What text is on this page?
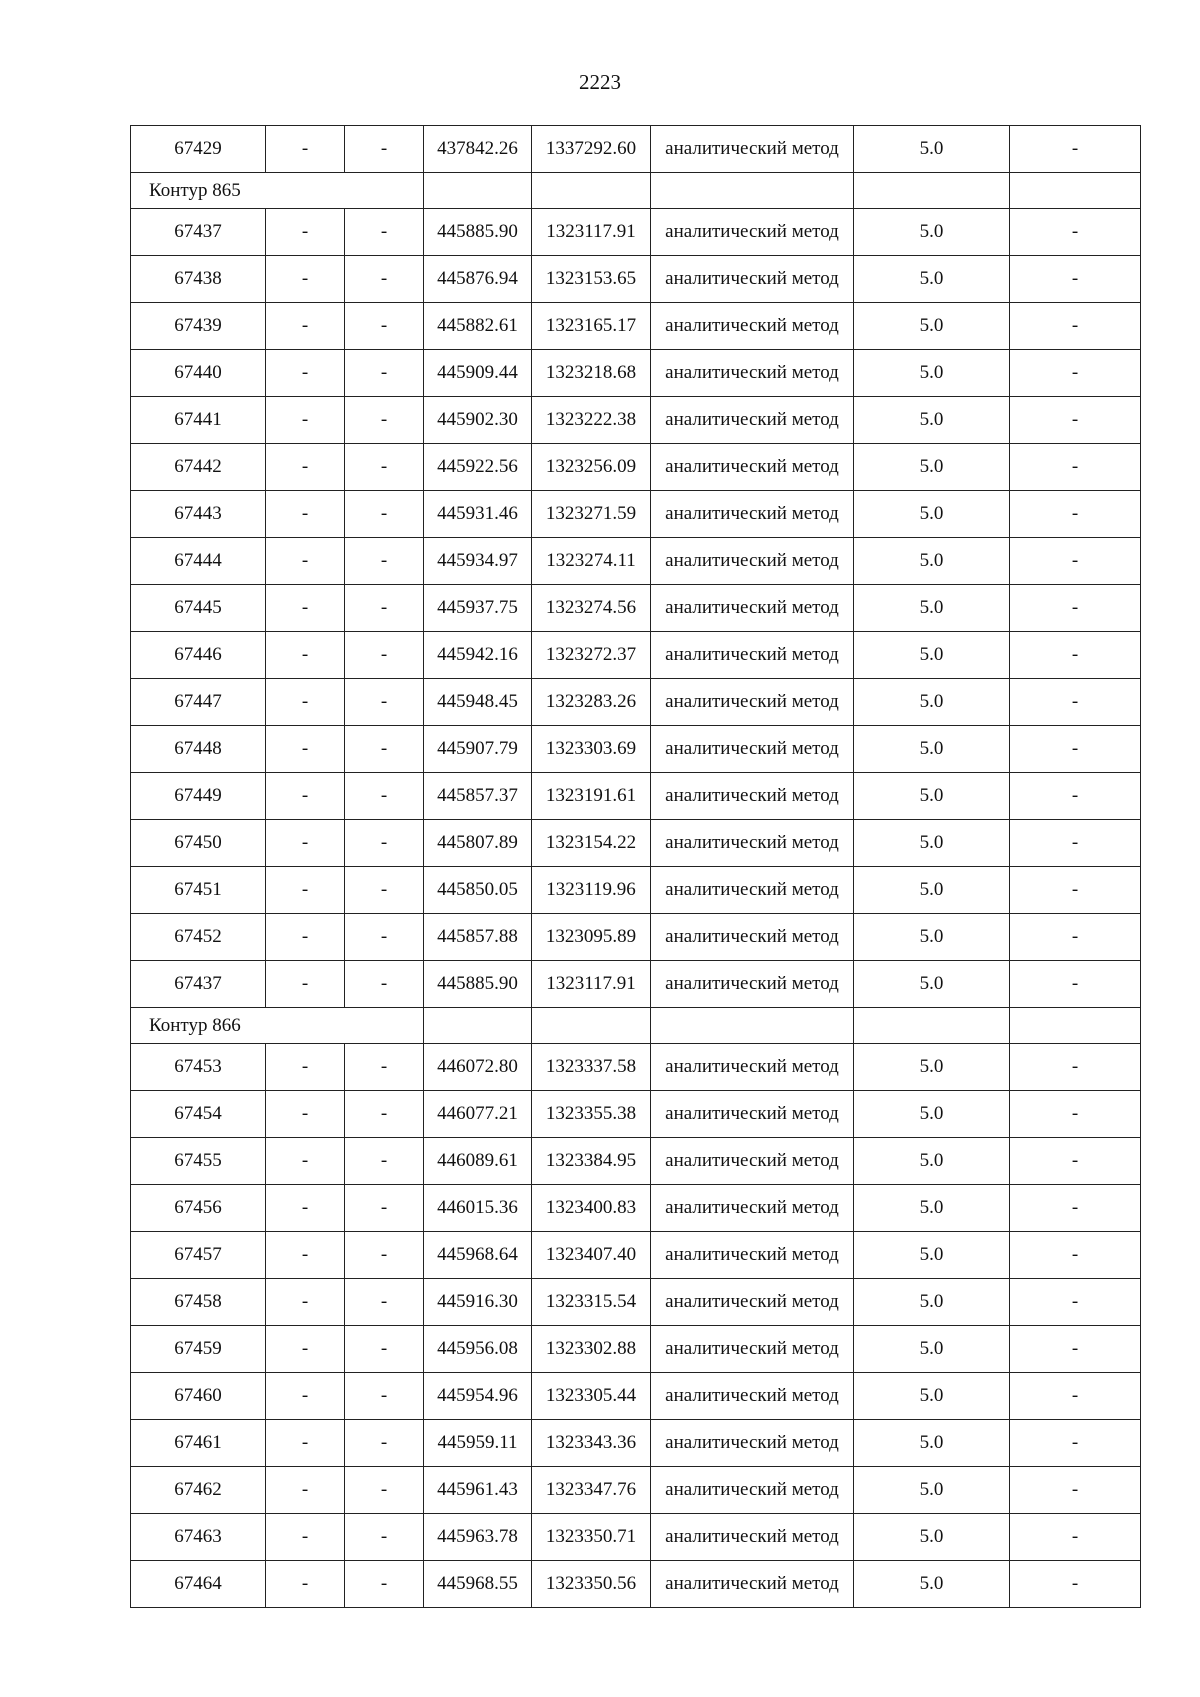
2223
67429	-	-	437842.26	1337292.60	аналитический метод	5.0	-
Контур 865							
67437	-	-	445885.90	1323117.91	аналитический метод	5.0	-
67438	-	-	445876.94	1323153.65	аналитический метод	5.0	-
67439	-	-	445882.61	1323165.17	аналитический метод	5.0	-
67440	-	-	445909.44	1323218.68	аналитический метод	5.0	-
67441	-	-	445902.30	1323222.38	аналитический метод	5.0	-
67442	-	-	445922.56	1323256.09	аналитический метод	5.0	-
67443	-	-	445931.46	1323271.59	аналитический метод	5.0	-
67444	-	-	445934.97	1323274.11	аналитический метод	5.0	-
67445	-	-	445937.75	1323274.56	аналитический метод	5.0	-
67446	-	-	445942.16	1323272.37	аналитический метод	5.0	-
67447	-	-	445948.45	1323283.26	аналитический метод	5.0	-
67448	-	-	445907.79	1323303.69	аналитический метод	5.0	-
67449	-	-	445857.37	1323191.61	аналитический метод	5.0	-
67450	-	-	445807.89	1323154.22	аналитический метод	5.0	-
67451	-	-	445850.05	1323119.96	аналитический метод	5.0	-
67452	-	-	445857.88	1323095.89	аналитический метод	5.0	-
67437	-	-	445885.90	1323117.91	аналитический метод	5.0	-
Контур 866							
67453	-	-	446072.80	1323337.58	аналитический метод	5.0	-
67454	-	-	446077.21	1323355.38	аналитический метод	5.0	-
67455	-	-	446089.61	1323384.95	аналитический метод	5.0	-
67456	-	-	446015.36	1323400.83	аналитический метод	5.0	-
67457	-	-	445968.64	1323407.40	аналитический метод	5.0	-
67458	-	-	445916.30	1323315.54	аналитический метод	5.0	-
67459	-	-	445956.08	1323302.88	аналитический метод	5.0	-
67460	-	-	445954.96	1323305.44	аналитический метод	5.0	-
67461	-	-	445959.11	1323343.36	аналитический метод	5.0	-
67462	-	-	445961.43	1323347.76	аналитический метод	5.0	-
67463	-	-	445963.78	1323350.71	аналитический метод	5.0	-
67464	-	-	445968.55	1323350.56	аналитический метод	5.0	-
